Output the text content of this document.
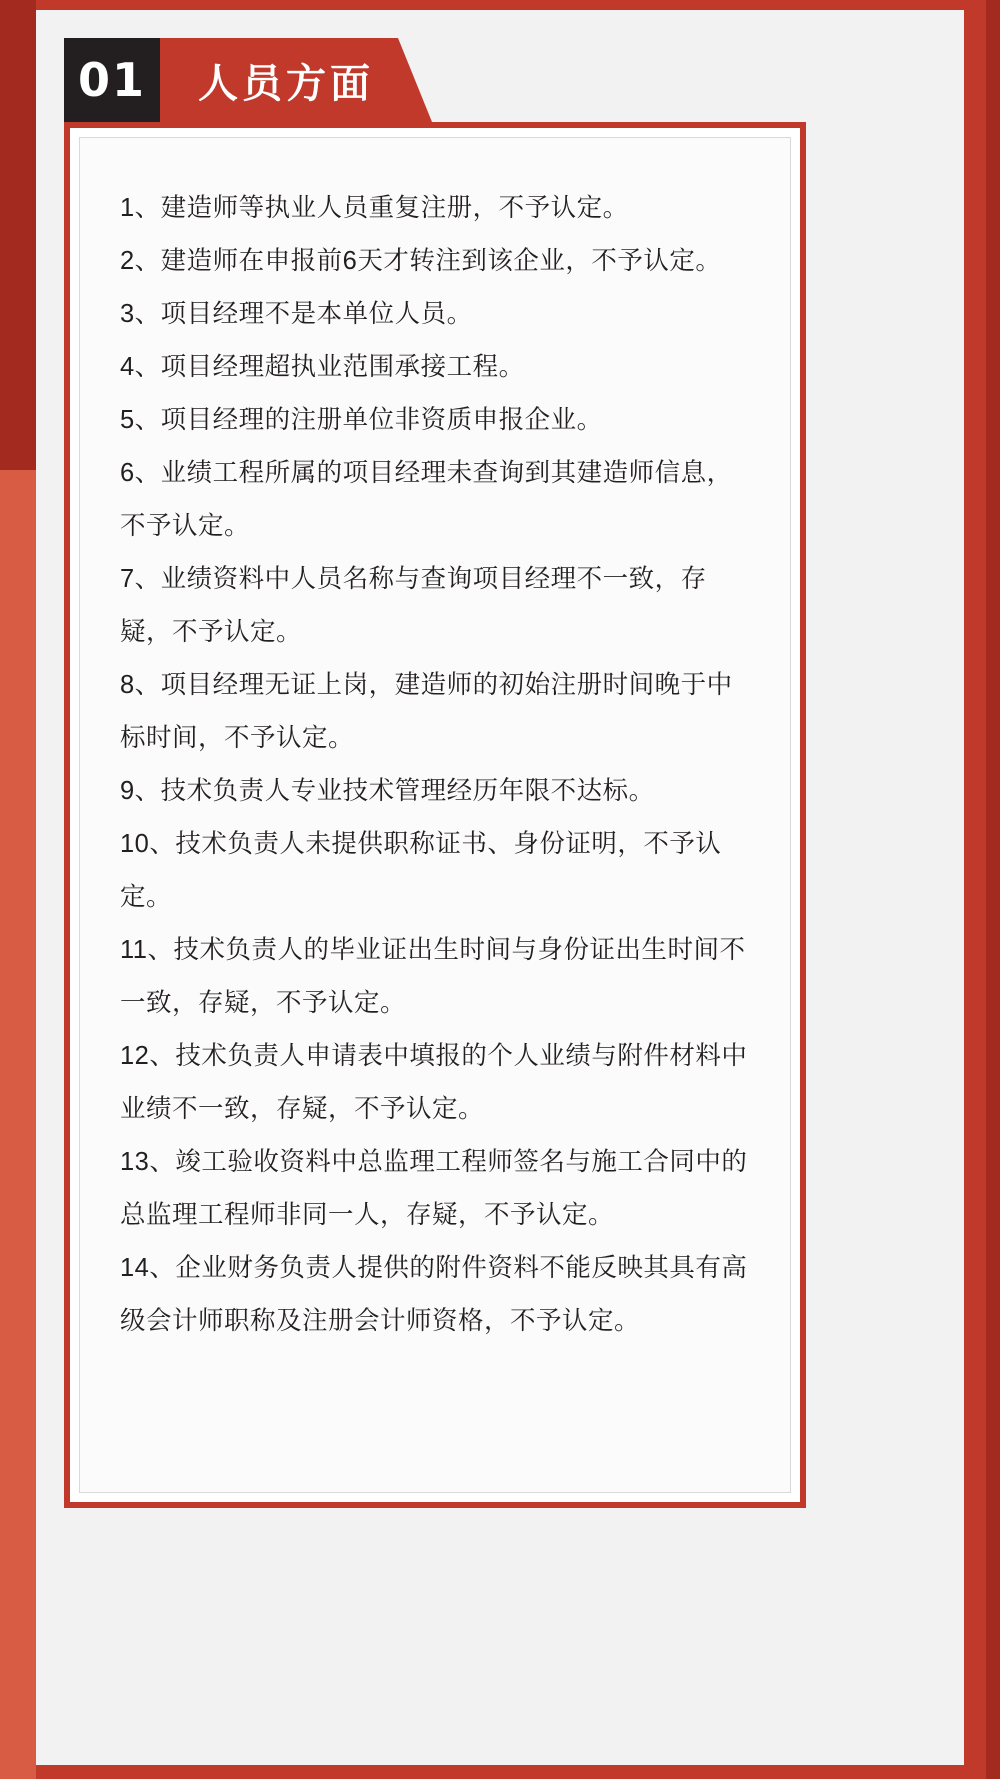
01	人员方面
1、建造师等执业人员重复注册，不予认定。
2、建造师在申报前6天才转注到该企业，不予认定。
3、项目经理不是本单位人员。
4、项目经理超执业范围承接工程。
5、项目经理的注册单位非资质申报企业。
6、业绩工程所属的项目经理未查询到其建造师信息，不予认定。
7、业绩资料中人员名称与查询项目经理不一致，存疑，不予认定。
8、项目经理无证上岗，建造师的初始注册时间晚于中标时间，不予认定。
9、技术负责人专业技术管理经历年限不达标。
10、技术负责人未提供职称证书、身份证明，不予认定。
11、技术负责人的毕业证出生时间与身份证出生时间不一致，存疑，不予认定。
12、技术负责人申请表中填报的个人业绩与附件材料中业绩不一致，存疑，不予认定。
13、竣工验收资料中总监理工程师签名与施工合同中的总监理工程师非同一人，存疑，不予认定。
14、企业财务负责人提供的附件资料不能反映其具有高级会计师职称及注册会计师资格，不予认定。
